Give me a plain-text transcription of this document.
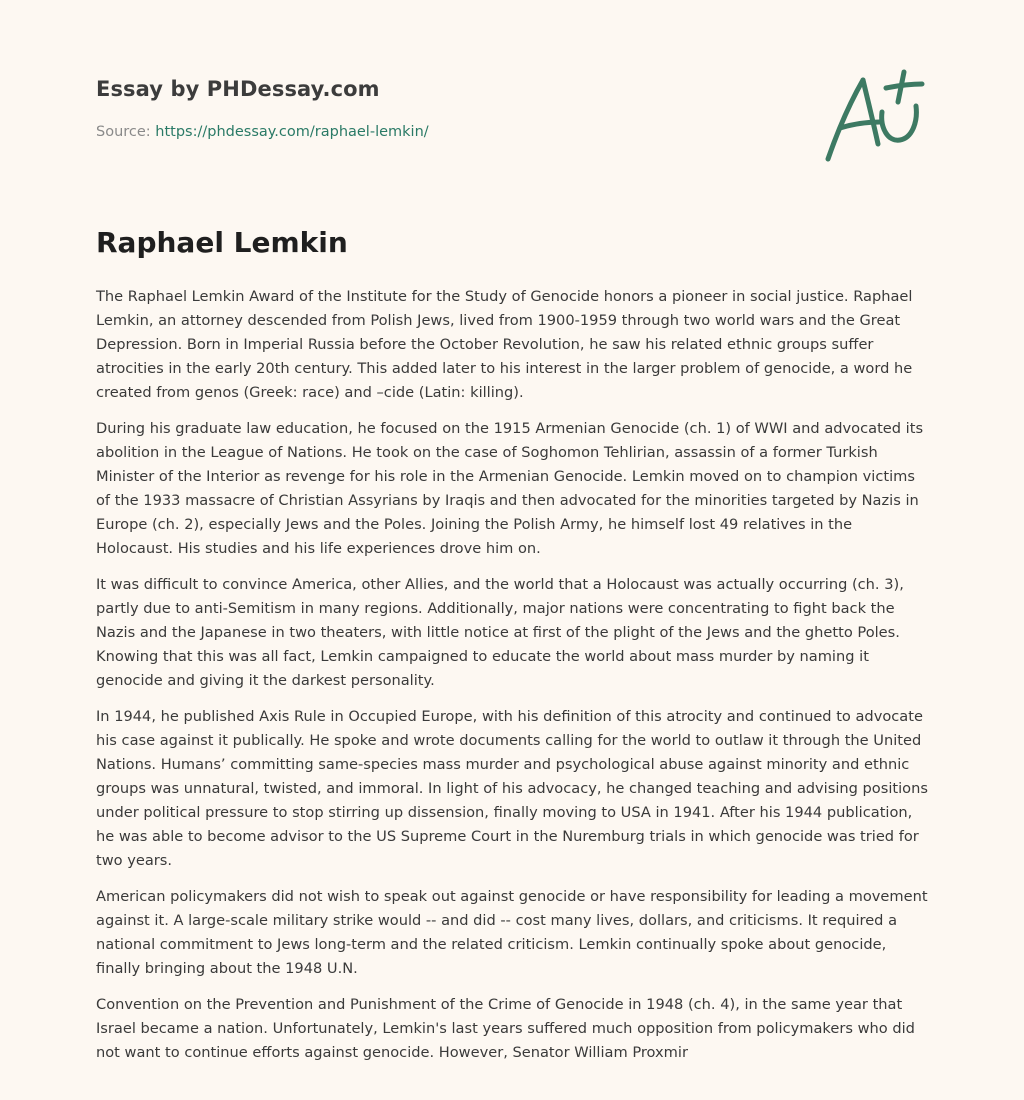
Essay by PHDessay.com
Source: https://phdessay.com/raphael-lemkin/
Raphael Lemkin

The Raphael Lemkin Award of the Institute for the Study of Genocide honors a pioneer in social justice. Raphael Lemkin, an attorney descended from Polish Jews, lived from 1900-1959 through two world wars and the Great Depression. Born in Imperial Russia before the October Revolution, he saw his related ethnic groups suffer atrocities in the early 20th century. This added later to his interest in the larger problem of genocide, a word he created from genos (Greek: race) and –cide (Latin: killing).

During his graduate law education, he focused on the 1915 Armenian Genocide (ch. 1) of WWI and advocated its abolition in the League of Nations. He took on the case of Soghomon Tehlirian, assassin of a former Turkish Minister of the Interior as revenge for his role in the Armenian Genocide. Lemkin moved on to champion victims of the 1933 massacre of Christian Assyrians by Iraqis and then advocated for the minorities targeted by Nazis in Europe (ch. 2), especially Jews and the Poles. Joining the Polish Army, he himself lost 49 relatives in the Holocaust. His studies and his life experiences drove him on.

It was difficult to convince America, other Allies, and the world that a Holocaust was actually occurring (ch. 3), partly due to anti-Semitism in many regions. Additionally, major nations were concentrating to fight back the Nazis and the Japanese in two theaters, with little notice at first of the plight of the Jews and the ghetto Poles. Knowing that this was all fact, Lemkin campaigned to educate the world about mass murder by naming it genocide and giving it the darkest personality.

In 1944, he published Axis Rule in Occupied Europe, with his definition of this atrocity and continued to advocate his case against it publically. He spoke and wrote documents calling for the world to outlaw it through the United Nations. Humans’ committing same-species mass murder and psychological abuse against minority and ethnic groups was unnatural, twisted, and immoral. In light of his advocacy, he changed teaching and advising positions under political pressure to stop stirring up dissension, finally moving to USA in 1941. After his 1944 publication, he was able to become advisor to the US Supreme Court in the Nuremburg trials in which genocide was tried for two years.

American policymakers did not wish to speak out against genocide or have responsibility for leading a movement against it. A large-scale military strike would -- and did -- cost many lives, dollars, and criticisms. It required a national commitment to Jews long-term and the related criticism. Lemkin continually spoke about genocide, finally bringing about the 1948 U.N.

Convention on the Prevention and Punishment of the Crime of Genocide in 1948 (ch. 4), in the same year that Israel became a nation. Unfortunately, Lemkin's last years suffered much opposition from policymakers who did not want to continue efforts against genocide. However, Senator William Proxmir
